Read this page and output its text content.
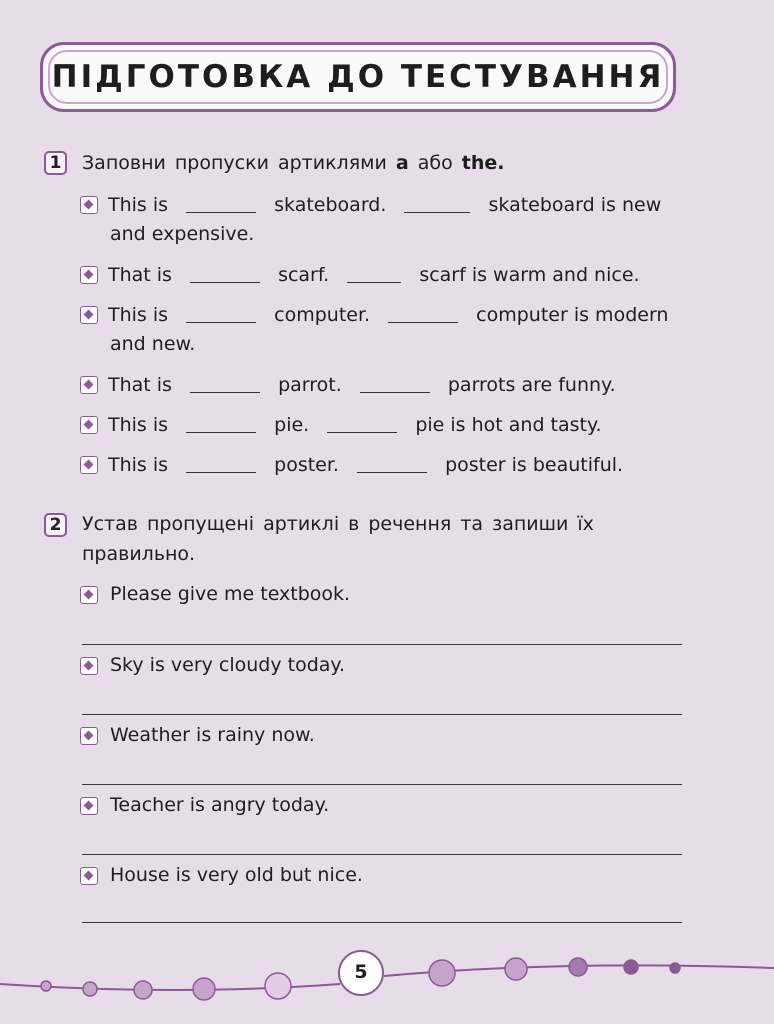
ПІДГОТОВКА ДО ТЕСТУВАННЯ
1 Заповни пропуски артиклями a або the.
This is	skateboard.	skateboard is new
and expensive.
That is	scarf.	scarf is warm and nice.
This is	computer.	computer is modern
and new.
That is	parrot.	parrots are funny.
This is	pie.	pie is hot and tasty.
This is	poster.	poster is beautiful.
2 Устав пропущені артиклі в речення та запиши їх
правильно.
Please give me textbook.
Sky is very cloudy today.
Weather is rainy now.
Teacher is angry today.
House is very old but nice.
5
